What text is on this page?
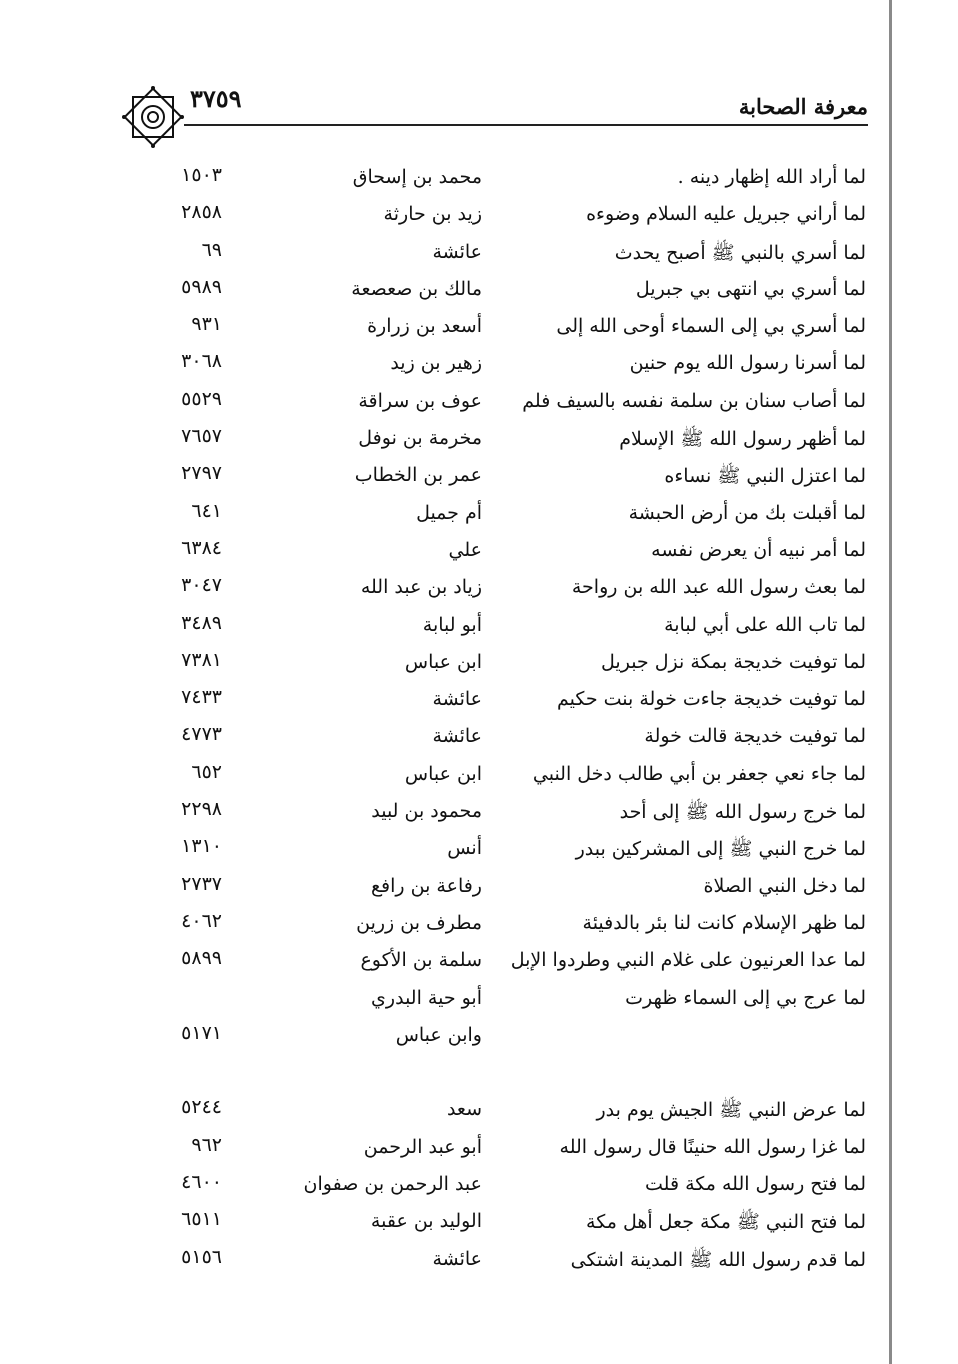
معرفة الصحابة
٣٧٥٩
لما أراد الله إظهار دينه .
محمد بن إسحاق
١٥٠٣
لما أراني جبريل عليه السلام وضوءه
زيد بن حارثة
٢٨٥٨
لما أسري بالنبي ﷺ أصبح يحدث
عائشة
٦٩
لما أسري بي انتهى بي جبريل
مالك بن صعصعة
٥٩٨٩
لما أسري بي إلى السماء أوحى الله إلى
أسعد بن زرارة
٩٣١
لما أسرنا رسول الله يوم حنين
زهير بن زيد
٣٠٦٨
لما أصاب سنان بن سلمة نفسه بالسيف فلم
عوف بن سراقة
٥٥٢٩
لما أظهر رسول الله ﷺ الإسلام
مخرمة بن نوفل
٧٦٥٧
لما اعتزل النبي ﷺ نساءه
عمر بن الخطاب
٢٧٩٧
لما أقبلت بك من أرض الحبشة
أم جميل
٦٤١
لما أمر نبيه أن يعرض نفسه
علي
٦٣٨٤
لما بعث رسول الله عبد الله بن رواحة
زياد بن عبد الله
٣٠٤٧
لما تاب الله على أبي لبابة
أبو لبابة
٣٤٨٩
لما توفيت خديجة بمكة نزل جبريل
ابن عباس
٧٣٨١
لما توفيت خديجة جاءت خولة بنت حكيم
عائشة
٧٤٣٣
لما توفيت خديجة قالت خولة
عائشة
٤٧٧٣
لما جاء نعي جعفر بن أبي طالب دخل النبي
ابن عباس
٦٥٢
لما خرج رسول الله ﷺ إلى أحد
محمود بن لبيد
٢٢٩٨
لما خرج النبي ﷺ إلى المشركين ببدر
أنس
١٣١٠
لما دخل النبي الصلاة
رفاعة بن رافع
٢٧٣٧
لما ظهر الإسلام كانت لنا بئر بالدفيئة
مطرف بن زرين
٤٠٦٢
لما عدا العرنيون على غلام النبي وطردوا الإبل
سلمة بن الأكوع
٥٨٩٩
لما عرج بي إلى السماء ظهرت
أبو حية البدري
وابن عباس
٥١٧١
لما عرض النبي ﷺ الجيش يوم بدر
سعد
٥٢٤٤
لما غزا رسول الله حنينًا قال رسول الله
أبو عبد الرحمن
٩٦٢
لما فتح رسول الله مكة قلت
عبد الرحمن بن صفوان
٤٦٠٠
لما فتح النبي ﷺ مكة جعل أهل مكة
الوليد بن عقبة
٦٥١١
لما قدم رسول الله ﷺ المدينة اشتكى
عائشة
٥١٥٦
